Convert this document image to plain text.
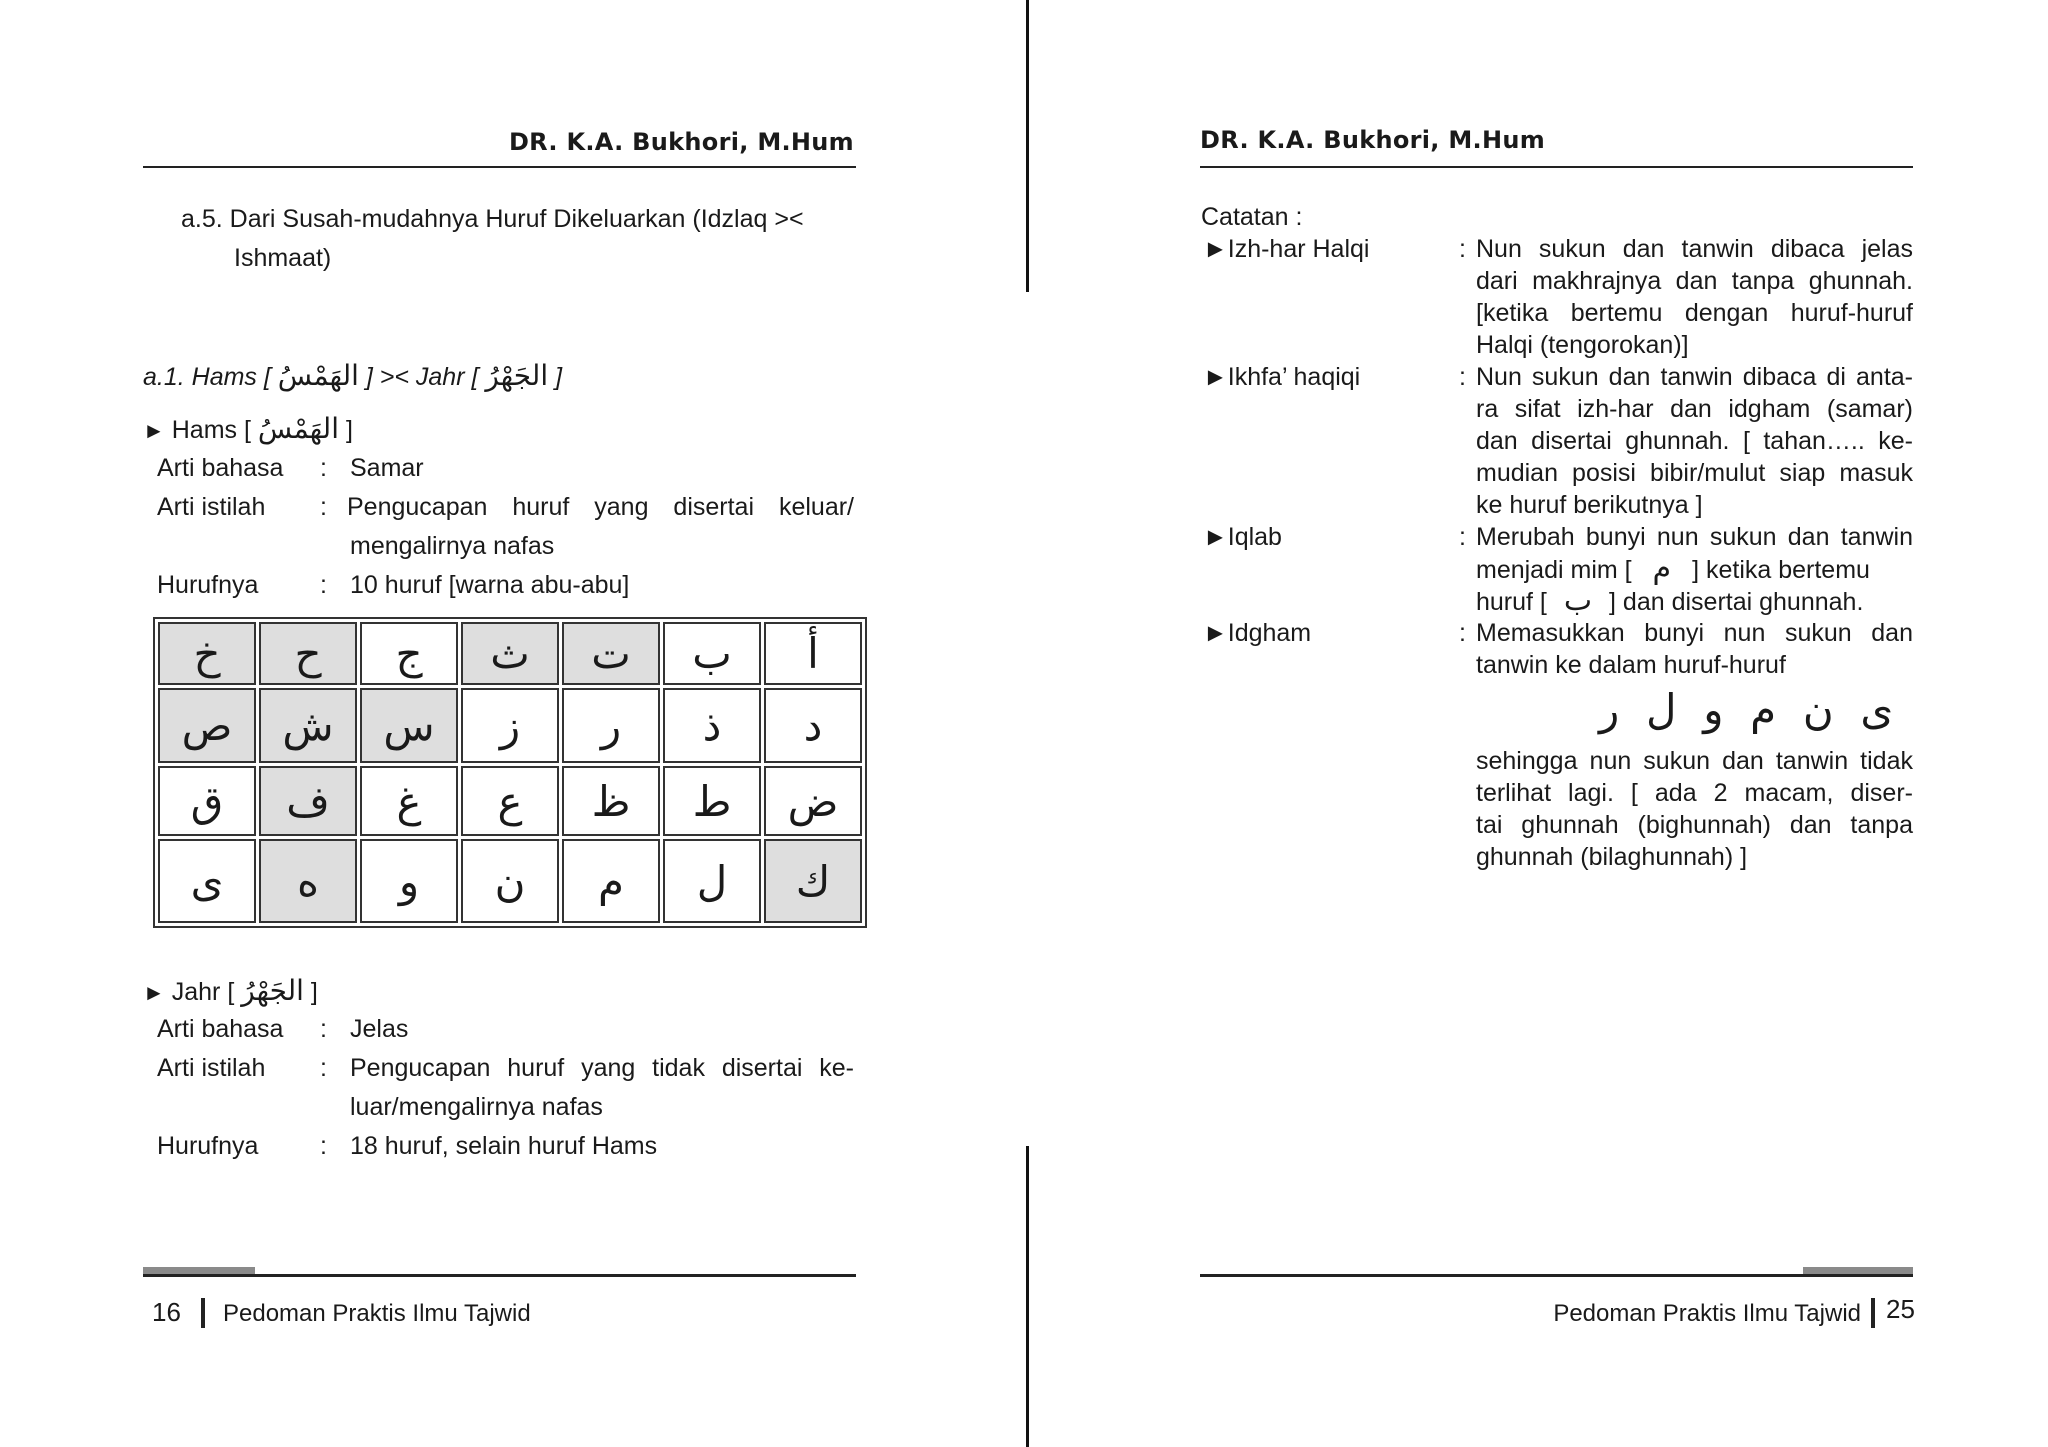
DR. K.A. Bukhori, M.Hum
a.5. Dari Susah-mudahnya Huruf Dikeluarkan (Idzlaq ><
Ishmaat)
a.1. Hams [ الهَمْسُ ] >< Jahr [ الجَهْرُ ]
► Hams [ الهَمْسُ ]
Arti bahasa : Samar
Arti istilah : Pengucapan huruf yang disertai keluar/
mengalirnya nafas
Hurufnya : 10 huruf [warna abu-abu]
أ	ب	ت	ث	ج	ح	خ
د	ذ	ر	ز	س	ش	ص
ض	ط	ظ	ع	غ	ف	ق
ك	ل	م	ن	و	ه	ى
► Jahr [ الجَهْرُ ]
Arti bahasa : Jelas
Arti istilah : Pengucapan huruf yang tidak disertai ke-
luar/mengalirnya nafas
Hurufnya : 18 huruf, selain huruf Hams
16 Pedoman Praktis Ilmu Tajwid
DR. K.A. Bukhori, M.Hum
Catatan :
►Izh-har Halqi	: Nun sukun dan tanwin dibaca jelas
dari makhrajnya dan tanpa ghunnah.
[ketika bertemu dengan huruf-huruf
Halqi (tengorokan)]
►Ikhfa’ haqiqi	: Nun sukun dan tanwin dibaca di anta-
ra sifat izh-har dan idgham (samar)
dan disertai ghunnah. [ tahan….. ke-
mudian posisi bibir/mulut siap masuk
ke huruf berikutnya ]
►Iqlab	: Merubah bunyi nun sukun dan tanwin
menjadi mim [ م ] ketika bertemu
huruf [ ب ] dan disertai ghunnah.
►Idgham	: Memasukkan bunyi nun sukun dan
tanwin ke dalam huruf-huruf
ى  ن  م  و  ل  ر
sehingga nun sukun dan tanwin tidak
terlihat lagi. [ ada 2 macam, diser-
tai ghunnah (bighunnah) dan tanpa
ghunnah (bilaghunnah) ]
Pedoman Praktis Ilmu Tajwid 25
